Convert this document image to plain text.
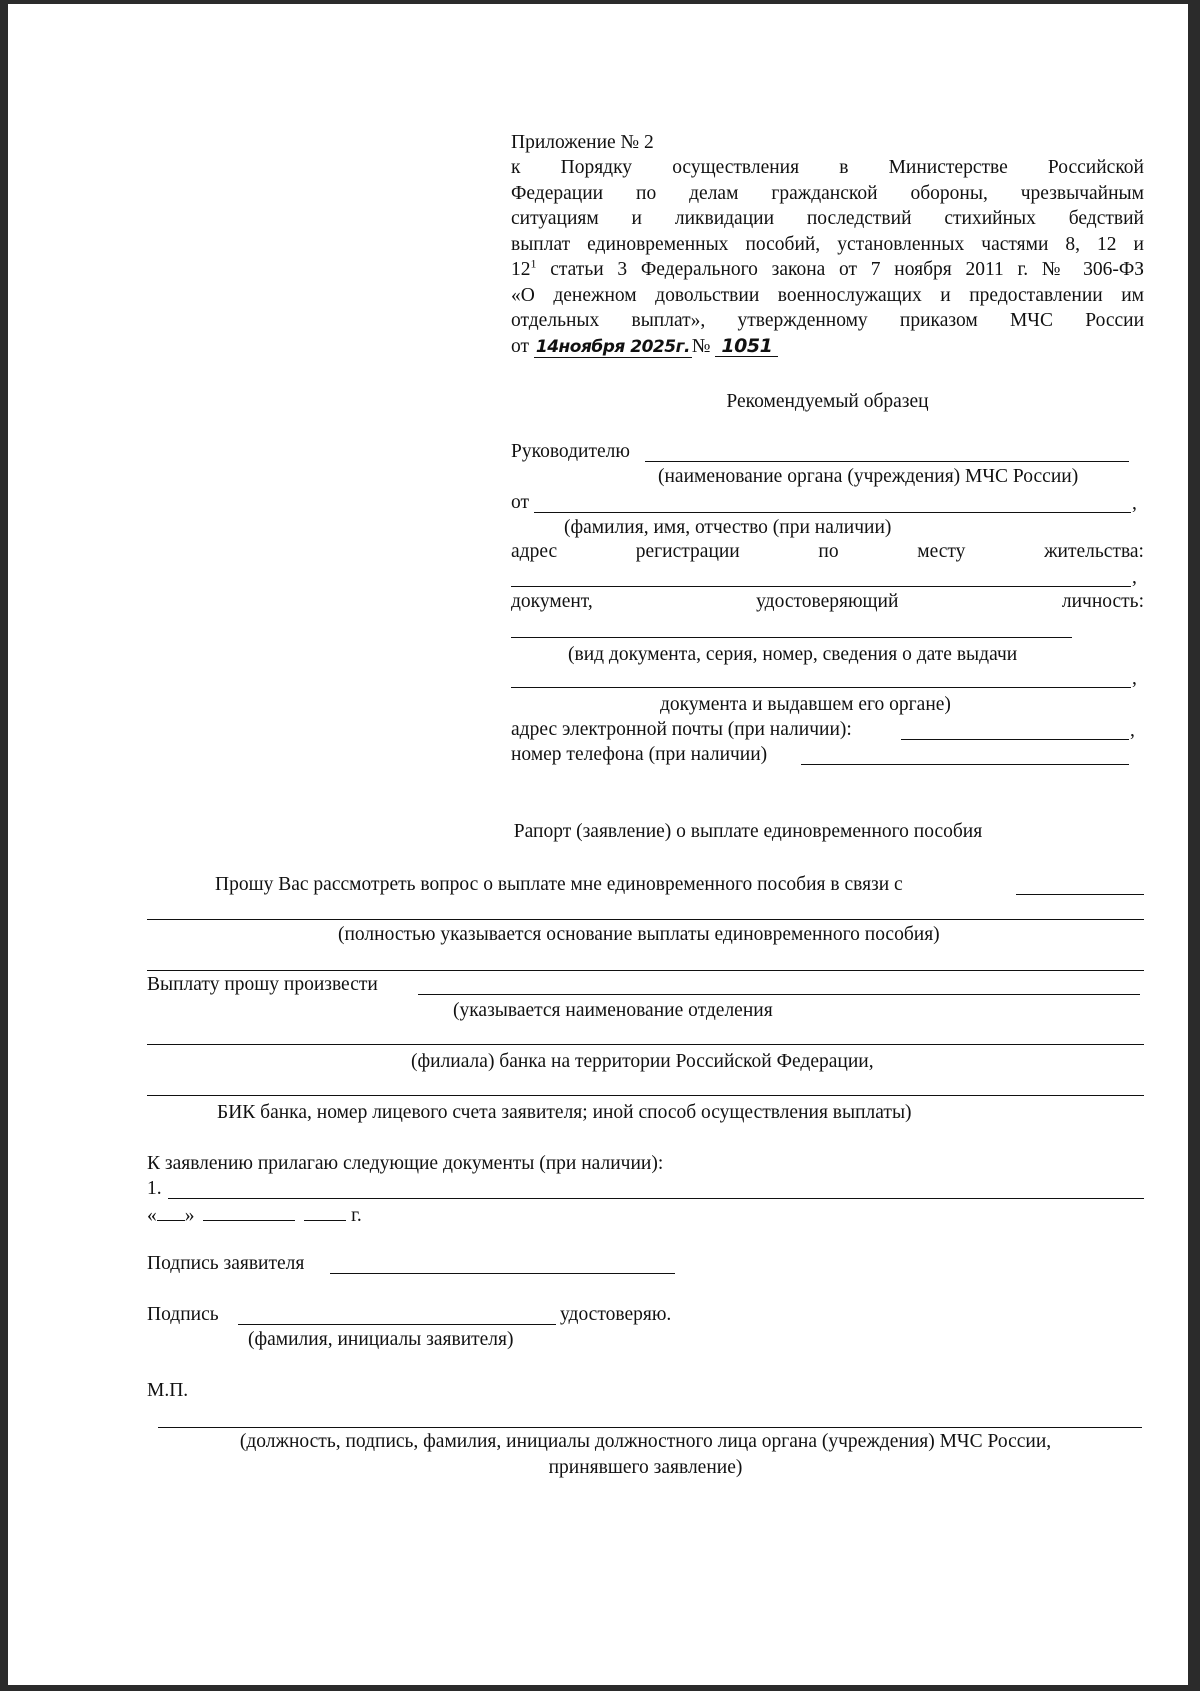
Приложение № 2
к Порядку осуществления в Министерстве Российской
Федерации по делам гражданской обороны, чрезвычайным
ситуациям и ликвидации последствий стихийных бедствий
выплат единовременных пособий, установленных частями 8, 12 и
$12^1$ статьи 3 Федерального закона от 7 ноября 2011 г. № 306-ФЗ
«О денежном довольствии военнослужащих и предоставлении им
отдельных выплат», утвержденному приказом МЧС России
от 14ноября 2025г. № 1051
Рекомендуемый образец
Руководителю
(наименование органа (учреждения) МЧС России)
от	,
(фамилия, имя, отчество (при наличии)
адрес	регистрации	по	месту	жительства:
,
документ,	удостоверяющий	личность:
(вид документа, серия, номер, сведения о дате выдачи
,
документа и выдавшем его органе)
адрес электронной почты (при наличии):	,
номер телефона (при наличии)
Рапорт (заявление) о выплате единовременного пособия
Прошу Вас рассмотреть вопрос о выплате мне единовременного пособия в связи с
(полностью указывается основание выплаты единовременного пособия)
Выплату прошу произвести
(указывается наименование отделения
(филиала) банка на территории Российской Федерации,
БИК банка, номер лицевого счета заявителя; иной способ осуществления выплаты)
К заявлению прилагаю следующие документы (при наличии):
1.
« »	г.
Подпись заявителя
Подпись	удостоверяю.
(фамилия, инициалы заявителя)
М.П.
(должность, подпись, фамилия, инициалы должностного лица органа (учреждения) МЧС России,
принявшего заявление)
